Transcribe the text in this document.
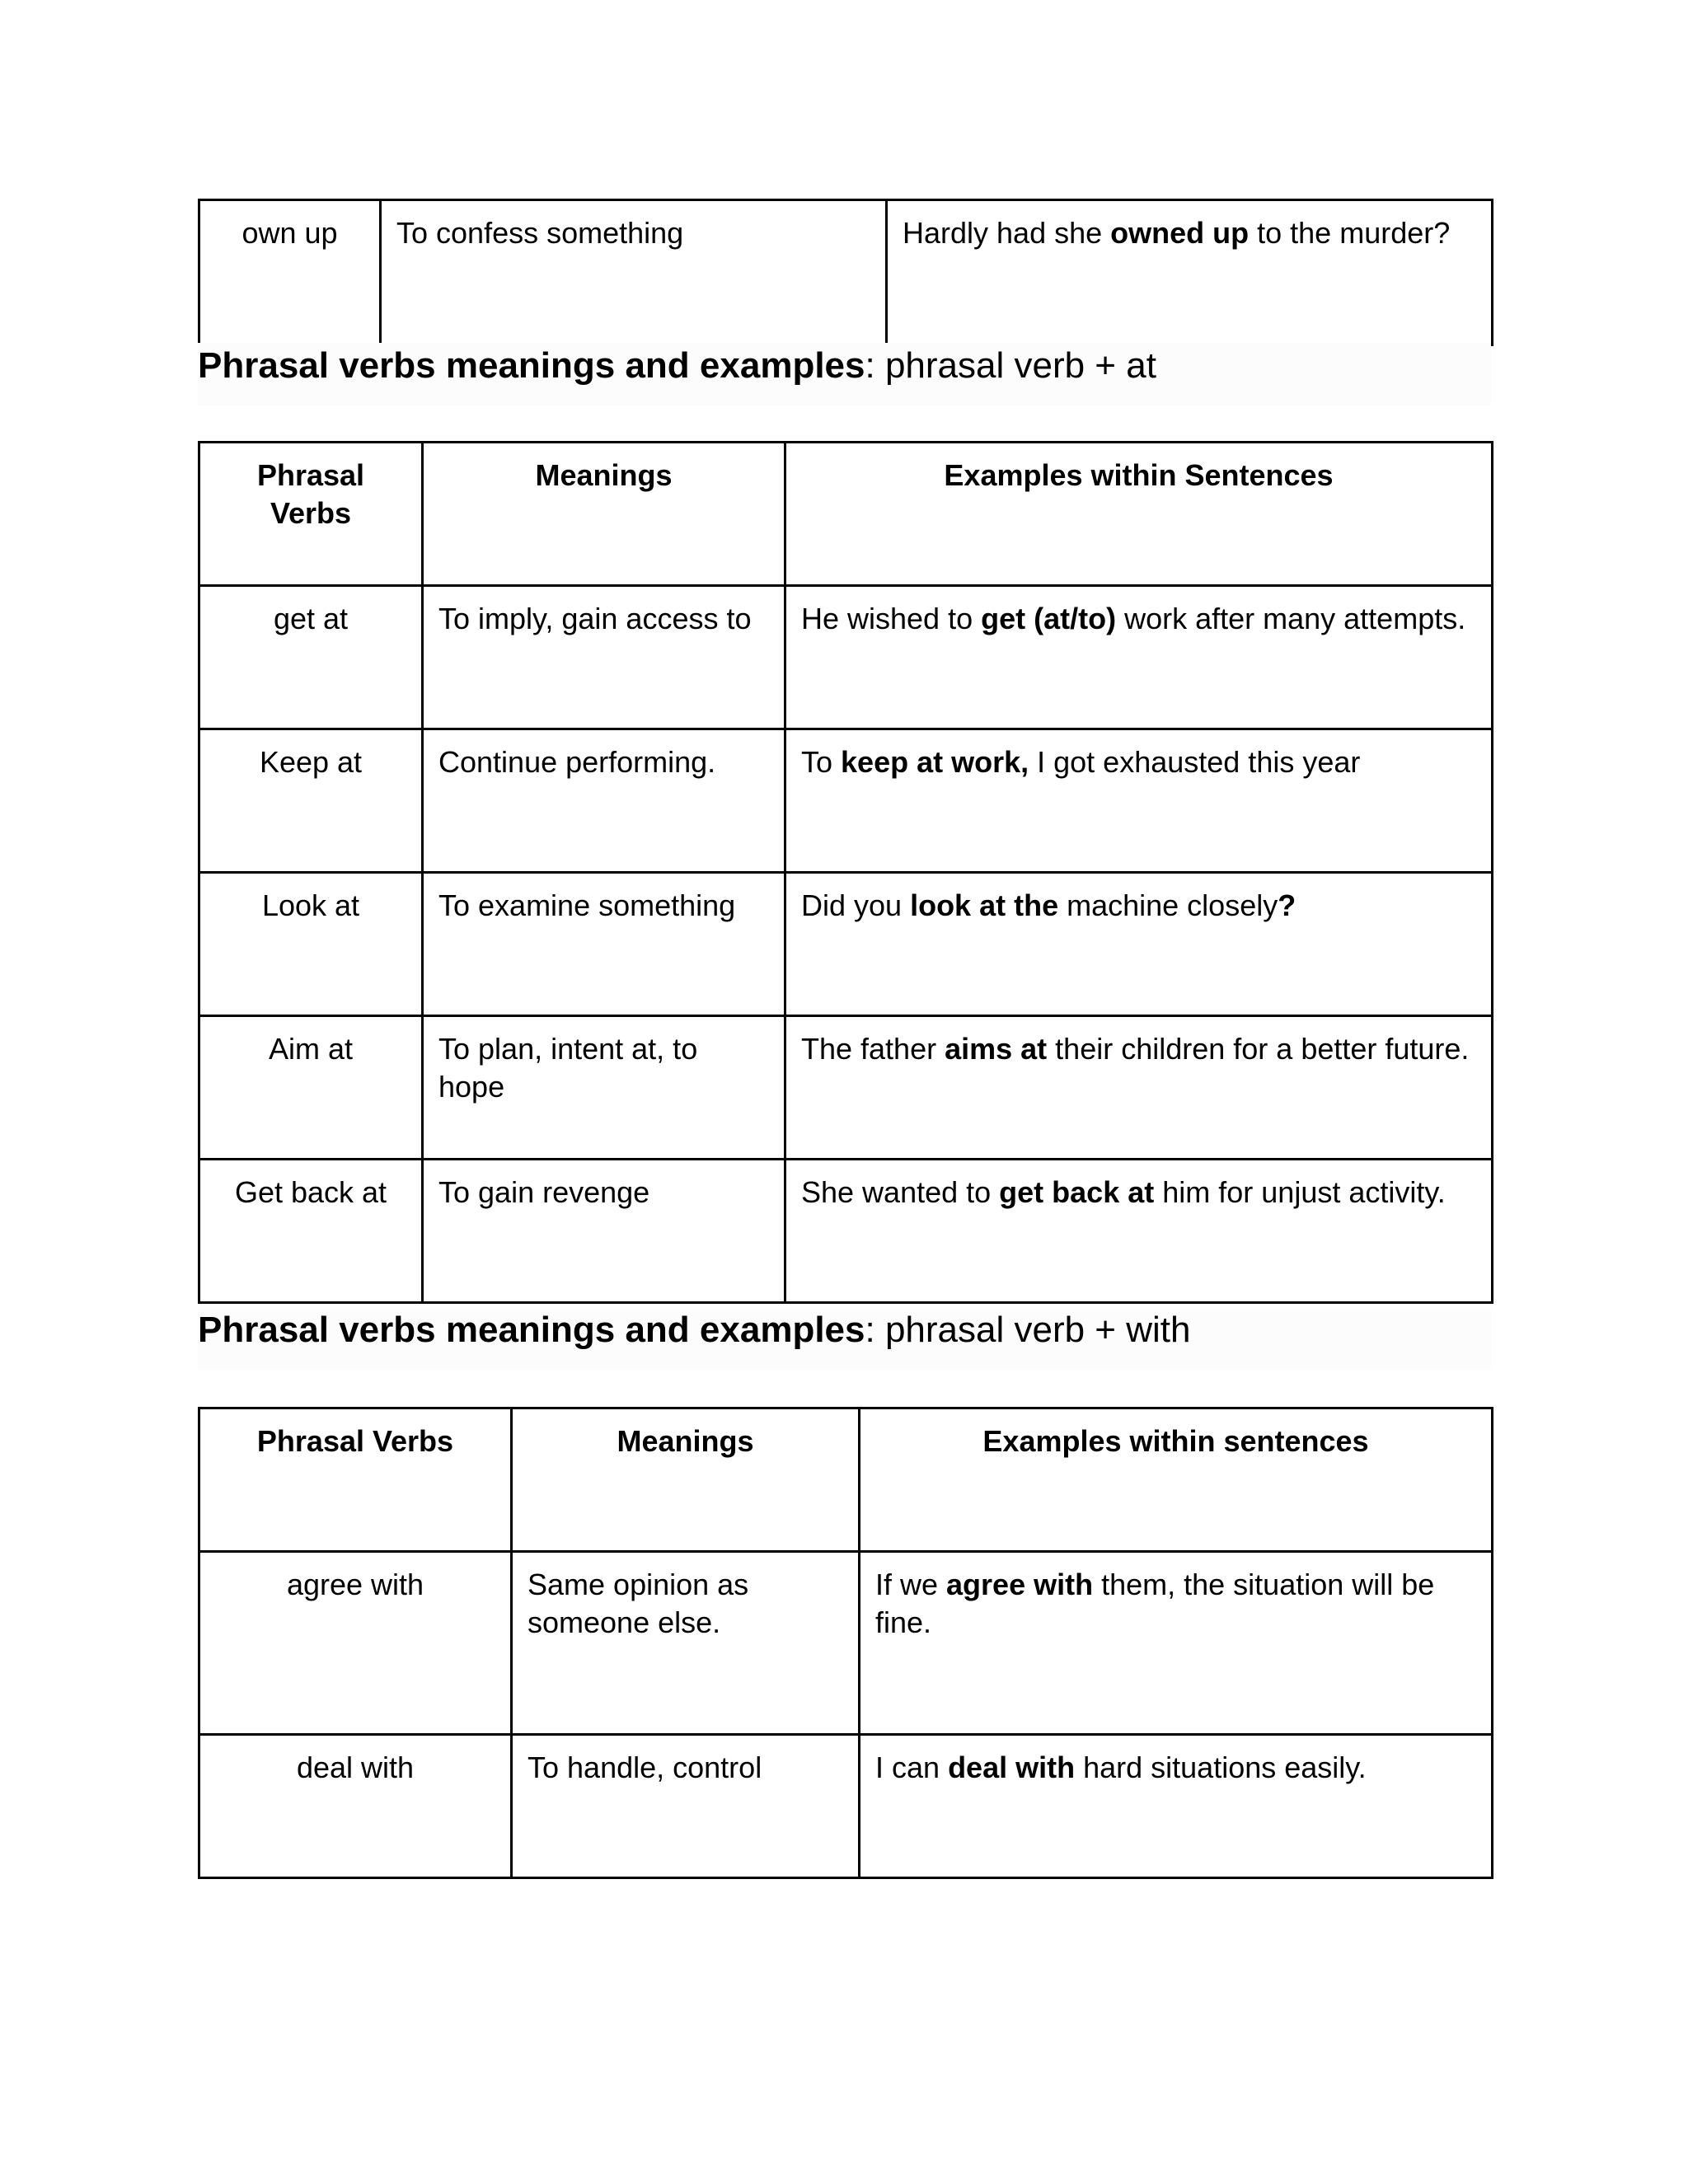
own up	To confess something	Hardly had she owned up to the murder?
Phrasal verbs meanings and examples: phrasal verb + at
Phrasal Verbs	Meanings	Examples within Sentences
get at	To imply, gain access to	He wished to get (at/to) work after many attempts.
Keep at	Continue performing.	To keep at work, I got exhausted this year
Look at	To examine something	Did you look at the machine closely?
Aim at	To plan, intent at, to hope	The father aims at their children for a better future.
Get back at	To gain revenge	She wanted to get back at him for unjust activity.
Phrasal verbs meanings and examples: phrasal verb + with
Phrasal Verbs	Meanings	Examples within sentences
agree with	Same opinion as someone else.	If we agree with them, the situation will be fine.
deal with	To handle, control	I can deal with hard situations easily.
